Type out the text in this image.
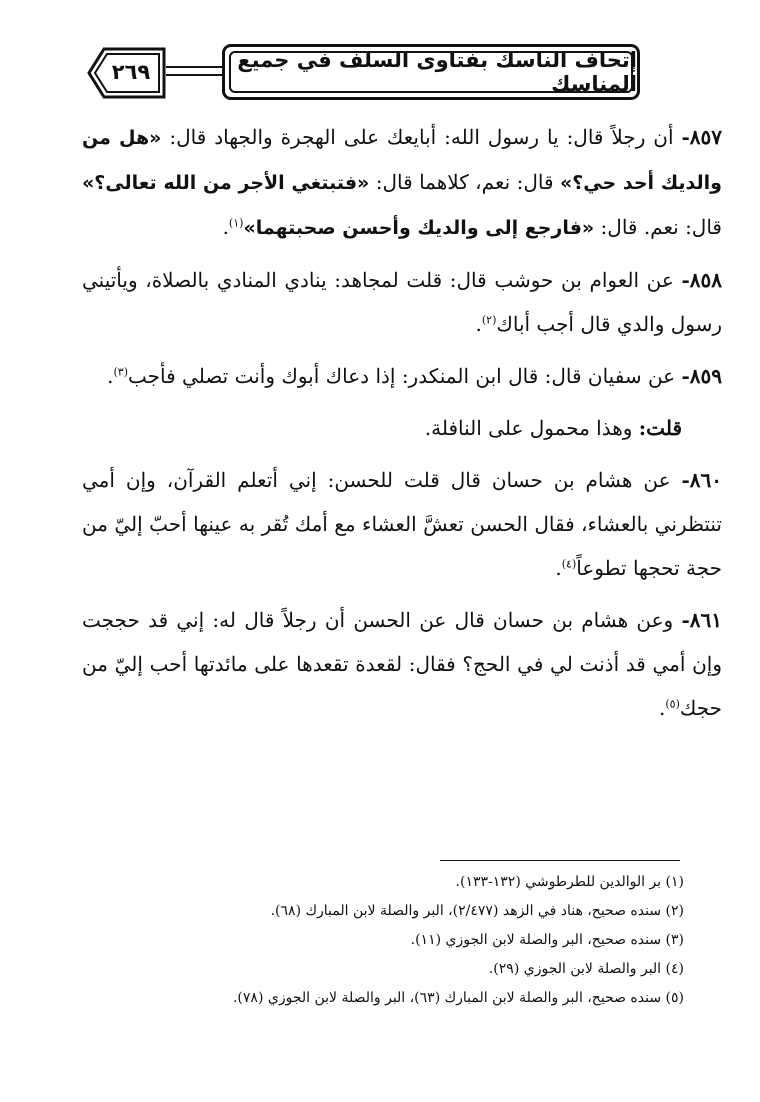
٢٦٩	إتحاف الناسك بفتاوى السلف في جميع المناسك

٨٥٧- أن رجلاً قال: يا رسول الله: أبايعك على الهجرة والجهاد قال: «هل من والديك أحد حي؟» قال: نعم، كلاهما قال: «فتبتغي الأجر من الله تعالى؟» قال: نعم. قال: «فارجع إلى والديك وأحسن صحبتهما»$^{(١)}$.

٨٥٨- عن العوام بن حوشب قال: قلت لمجاهد: ينادي المنادي بالصلاة، ويأتيني رسول والدي قال أجب أباك$^{(٢)}$.

٨٥٩- عن سفيان قال: قال ابن المنكدر: إذا دعاك أبوك وأنت تصلي فأجب$^{(٣)}$.

قلت: وهذا محمول على النافلة.

٨٦٠- عن هشام بن حسان قال قلت للحسن: إني أتعلم القرآن، وإن أمي تنتظرني بالعشاء، فقال الحسن تعشَّ العشاء مع أمك تُقر به عينها أحبّ إليّ من حجة تحجها تطوعاً$^{(٤)}$.

٨٦١- وعن هشام بن حسان قال عن الحسن أن رجلاً قال له: إني قد حججت وإن أمي قد أذنت لي في الحج؟ فقال: لقعدة تقعدها على مائدتها أحب إليّ من حجك$^{(٥)}$.

(١) بر الوالدين للطرطوشي (١٣٢-١٣٣).
(٢) سنده صحيح، هناد في الزهد (٢/٤٧٧)، البر والصلة لابن المبارك (٦٨).
(٣) سنده صحيح، البر والصلة لابن الجوزي (١١).
(٤) البر والصلة لابن الجوزي (٢٩).
(٥) سنده صحيح، البر والصلة لابن المبارك (٦٣)، البر والصلة لابن الجوزي (٧٨).
